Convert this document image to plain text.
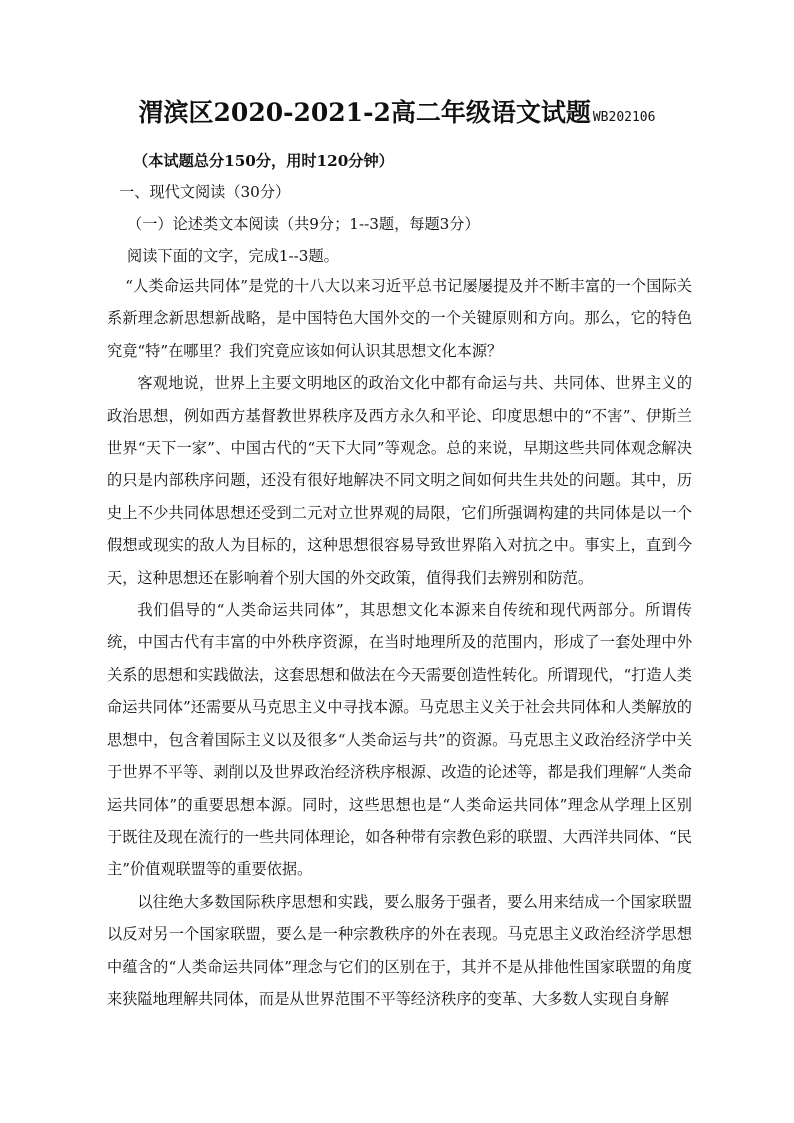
渭滨区2020-2021-2高二年级语文试题 WB202106
（本试题总分150分，用时120分钟）
一、现代文阅读（30分）
（一）论述类文本阅读（共9分；1--3题，每题3分）
阅读下面的文字，完成1--3题。

“人类命运共同体”是党的十八大以来习近平总书记屡屡提及并不断丰富的一个国际关系新理念新思想新战略，是中国特色大国外交的一个关键原则和方向。那么，它的特色究竟“特”在哪里？我们究竟应该如何认识其思想文化本源？

客观地说，世界上主要文明地区的政治文化中都有命运与共、共同体、世界主义的政治思想，例如西方基督教世界秩序及西方永久和平论、印度思想中的“不害”、伊斯兰世界“天下一家”、中国古代的“天下大同”等观念。总的来说，早期这些共同体观念解决的只是内部秩序问题，还没有很好地解决不同文明之间如何共生共处的问题。其中，历史上不少共同体思想还受到二元对立世界观的局限，它们所强调构建的共同体是以一个假想或现实的敌人为目标的，这种思想很容易导致世界陷入对抗之中。事实上，直到今天，这种思想还在影响着个别大国的外交政策，值得我们去辨别和防范。

我们倡导的“人类命运共同体”，其思想文化本源来自传统和现代两部分。所谓传统，中国古代有丰富的中外秩序资源，在当时地理所及的范围内，形成了一套处理中外关系的思想和实践做法，这套思想和做法在今天需要创造性转化。所谓现代，“打造人类命运共同体”还需要从马克思主义中寻找本源。马克思主义关于社会共同体和人类解放的思想中，包含着国际主义以及很多“人类命运与共”的资源。马克思主义政治经济学中关于世界不平等、剥削以及世界政治经济秩序根源、改造的论述等，都是我们理解“人类命运共同体”的重要思想本源。同时，这些思想也是“人类命运共同体”理念从学理上区别于既往及现在流行的一些共同体理论，如各种带有宗教色彩的联盟、大西洋共同体、“民主”价值观联盟等的重要依据。

以往绝大多数国际秩序思想和实践，要么服务于强者，要么用来结成一个国家联盟以反对另一个国家联盟，要么是一种宗教秩序的外在表现。马克思主义政治经济学思想中蕴含的“人类命运共同体”理念与它们的区别在于，其并不是从排他性国家联盟的角度来狭隘地理解共同体，而是从世界范围不平等经济秩序的变革、大多数人实现自身解
